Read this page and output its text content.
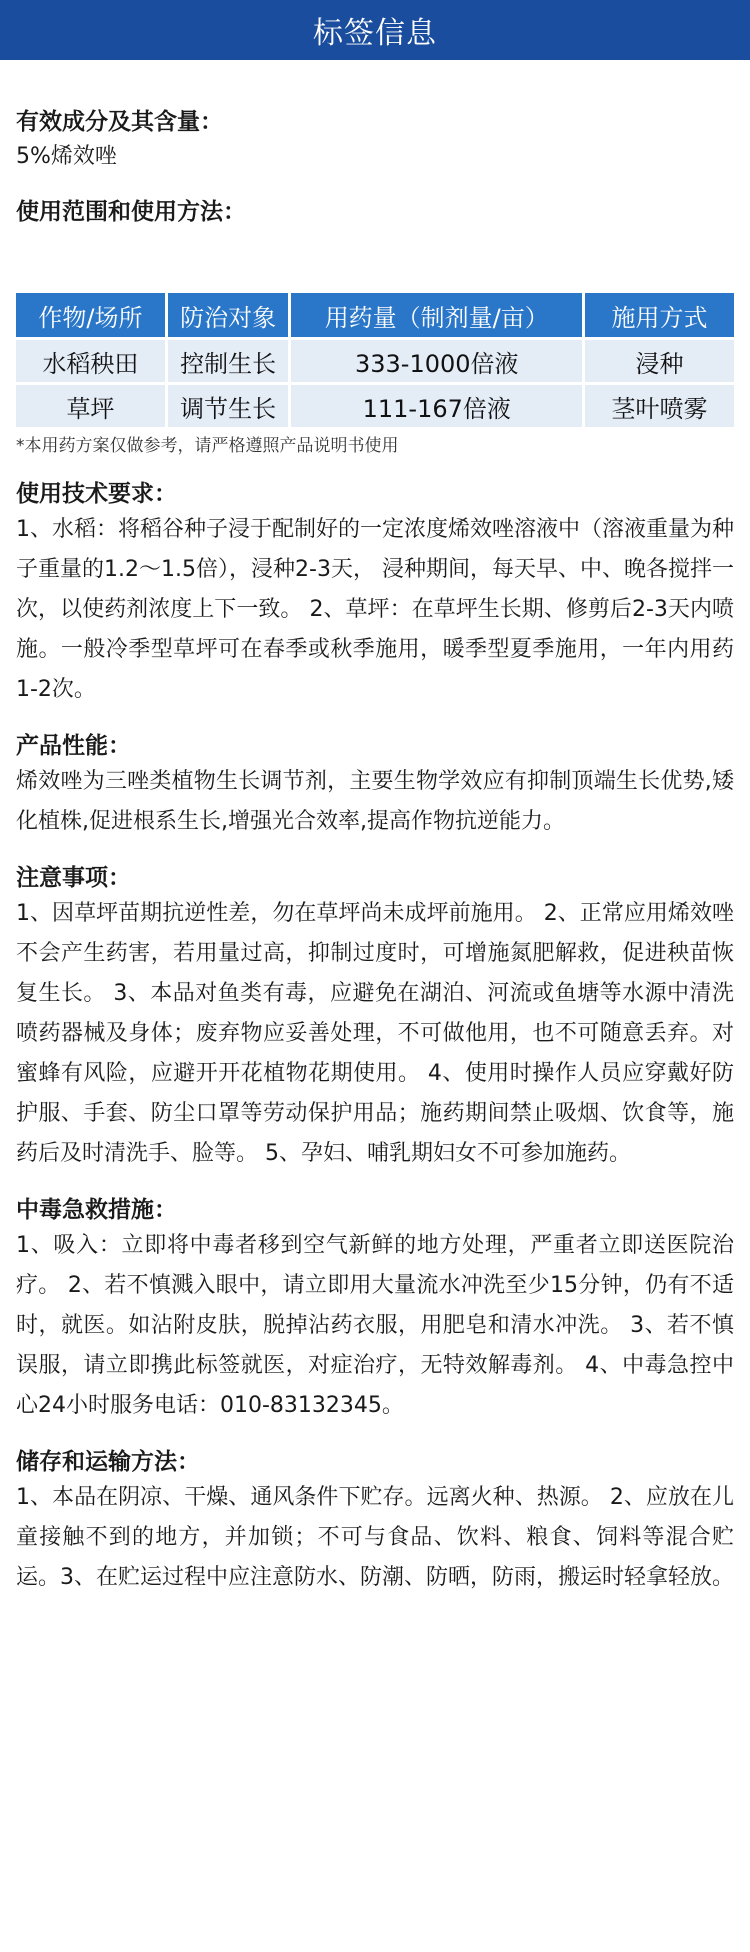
标签信息
有效成分及其含量：

5%烯效唑

使用范围和使用方法：
作物/场所	防治对象	用药量（制剂量/亩）	施用方式
水稻秧田	控制生长	333-1000倍液	浸种
草坪	调节生长	111-167倍液	茎叶喷雾

*本用药方案仅做参考，请严格遵照产品说明书使用

使用技术要求：

1、水稻：将稻谷种子浸于配制好的一定浓度烯效唑溶液中（溶液重量为种子重量的1.2～1.5倍），浸种2-3天， 浸种期间，每天早、中、晚各搅拌一次，以使药剂浓度上下一致。 2、草坪：在草坪生长期、修剪后2-3天内喷施。一般冷季型草坪可在春季或秋季施用，暖季型夏季施用，一年内用药1-2次。

产品性能：

烯效唑为三唑类植物生长调节剂，主要生物学效应有抑制顶端生长优势,矮化植株,促进根系生长,增强光合效率,提高作物抗逆能力。

注意事项：

1、因草坪苗期抗逆性差，勿在草坪尚未成坪前施用。 2、正常应用烯效唑不会产生药害，若用量过高，抑制过度时，可增施氮肥解救，促进秧苗恢复生长。 3、本品对鱼类有毒，应避免在湖泊、河流或鱼塘等水源中清洗喷药器械及身体；废弃物应妥善处理，不可做他用，也不可随意丢弃。对蜜蜂有风险，应避开开花植物花期使用。 4、使用时操作人员应穿戴好防护服、手套、防尘口罩等劳动保护用品；施药期间禁止吸烟、饮食等，施药后及时清洗手、脸等。 5、孕妇、哺乳期妇女不可参加施药。

中毒急救措施：

1、吸入：立即将中毒者移到空气新鲜的地方处理，严重者立即送医院治疗。 2、若不慎溅入眼中，请立即用大量流水冲洗至少15分钟，仍有不适时，就医。如沾附皮肤，脱掉沾药衣服，用肥皂和清水冲洗。 3、若不慎误服，请立即携此标签就医，对症治疗，无特效解毒剂。 4、中毒急控中心24小时服务电话：010-83132345。

储存和运输方法：

1、本品在阴凉、干燥、通风条件下贮存。远离火种、热源。 2、应放在儿童接触不到的地方，并加锁；不可与食品、饮料、粮食、饲料等混合贮运。3、在贮运过程中应注意防水、防潮、防晒，防雨，搬运时轻拿轻放。
